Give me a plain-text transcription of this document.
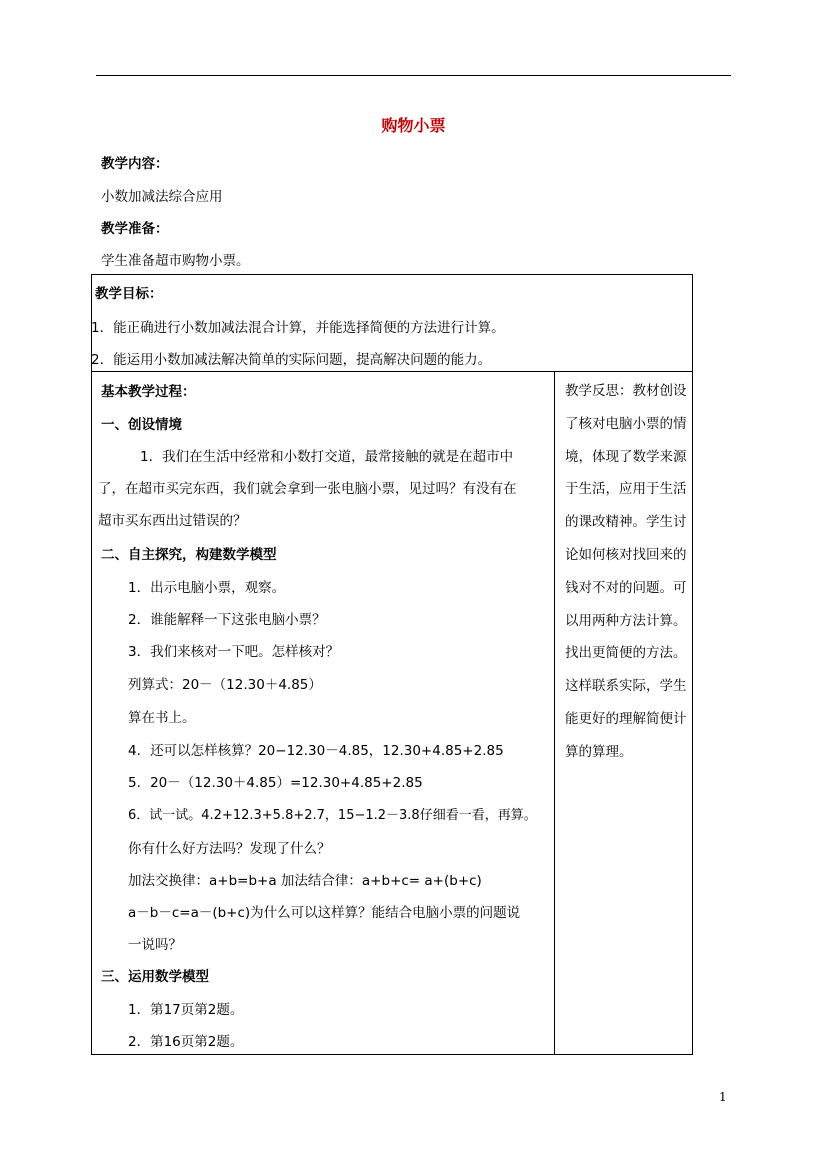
购物小票
教学内容：
小数加减法综合应用
教学准备：
学生准备超市购物小票。
教学目标：
1．能正确进行小数加减法混合计算，并能选择简便的方法进行计算。
2．能运用小数加减法解决简单的实际问题，提高解决问题的能力。
基本教学过程：
一、创设情境
1．我们在生活中经常和小数打交道，最常接触的就是在超市中
了，在超市买完东西，我们就会拿到一张电脑小票，见过吗？有没有在
超市买东西出过错误的？
二、自主探究，构建数学模型
1．出示电脑小票，观察。
2．谁能解释一下这张电脑小票？
3．我们来核对一下吧。怎样核对？
列算式：20－（12.30＋4.85）
算在书上。
4．还可以怎样核算？20−12.30－4.85，12.30+4.85+2.85
5．20－（12.30＋4.85）=12.30+4.85+2.85
6．试一试。4.2+12.3+5.8+2.7，15−1.2－3.8仔细看一看，再算。
你有什么好方法吗？发现了什么？
加法交换律：a+b=b+a 加法结合律：a+b+c= a+(b+c)
a－b－c=a－(b+c)为什么可以这样算？能结合电脑小票的问题说
一说吗？
三、运用数学模型
1．第17页第2题。
2．第16页第2题。
教学反思：教材创设了核对电脑小票的情境，体现了数学来源于生活，应用于生活的课改精神。学生讨论如何核对找回来的钱对不对的问题。可以用两种方法计算。找出更简便的方法。这样联系实际，学生能更好的理解简便计算的算理。
1
